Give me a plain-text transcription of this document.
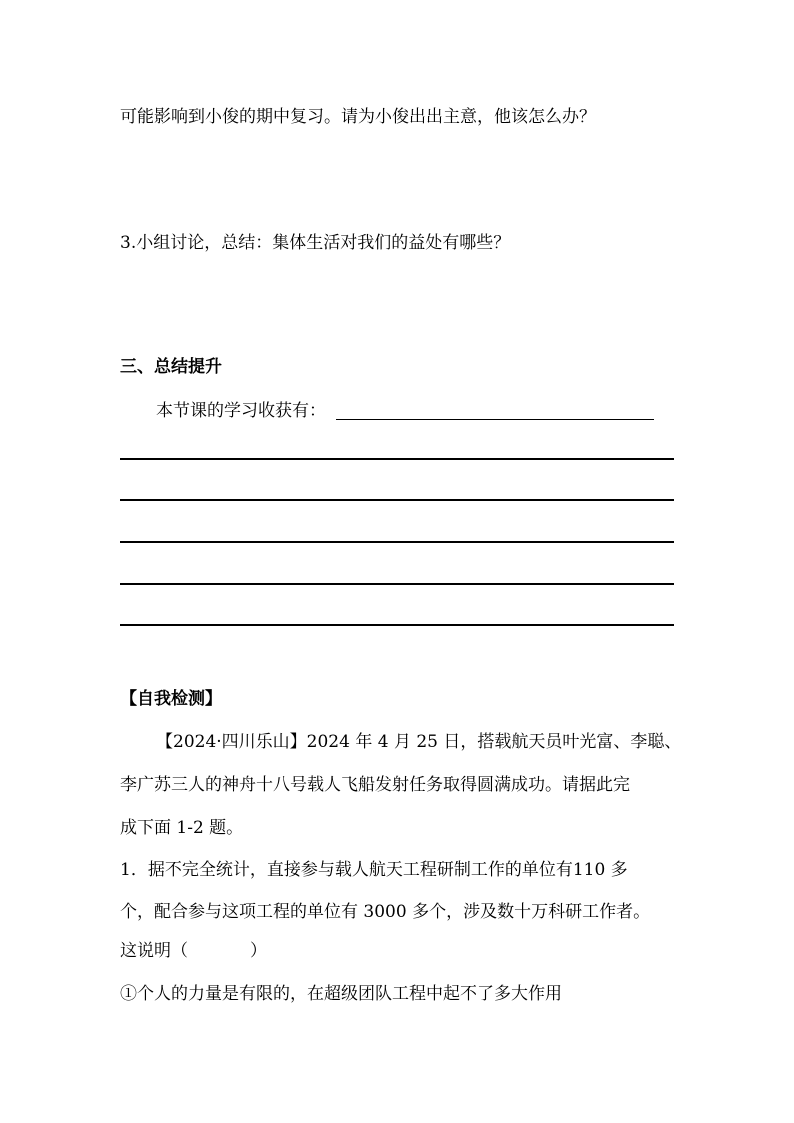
可能影响到小俊的期中复习。请为小俊出出主意，他该怎么办？
3.小组讨论，总结：集体生活对我们的益处有哪些？
三、总结提升
本节课的学习收获有：
【自我检测】
【2024·四川乐山】2024 年 4 月 25 日，搭载航天员叶光富、李聪、
李广苏三人的神舟十八号载人飞船发射任务取得圆满成功。请据此完
成下面 1-2 题。
1．据不完全统计，直接参与载人航天工程研制工作的单位有110 多
个，配合参与这项工程的单位有 3000 多个，涉及数十万科研工作者。
这说明（	）
①个人的力量是有限的，在超级团队工程中起不了多大作用
